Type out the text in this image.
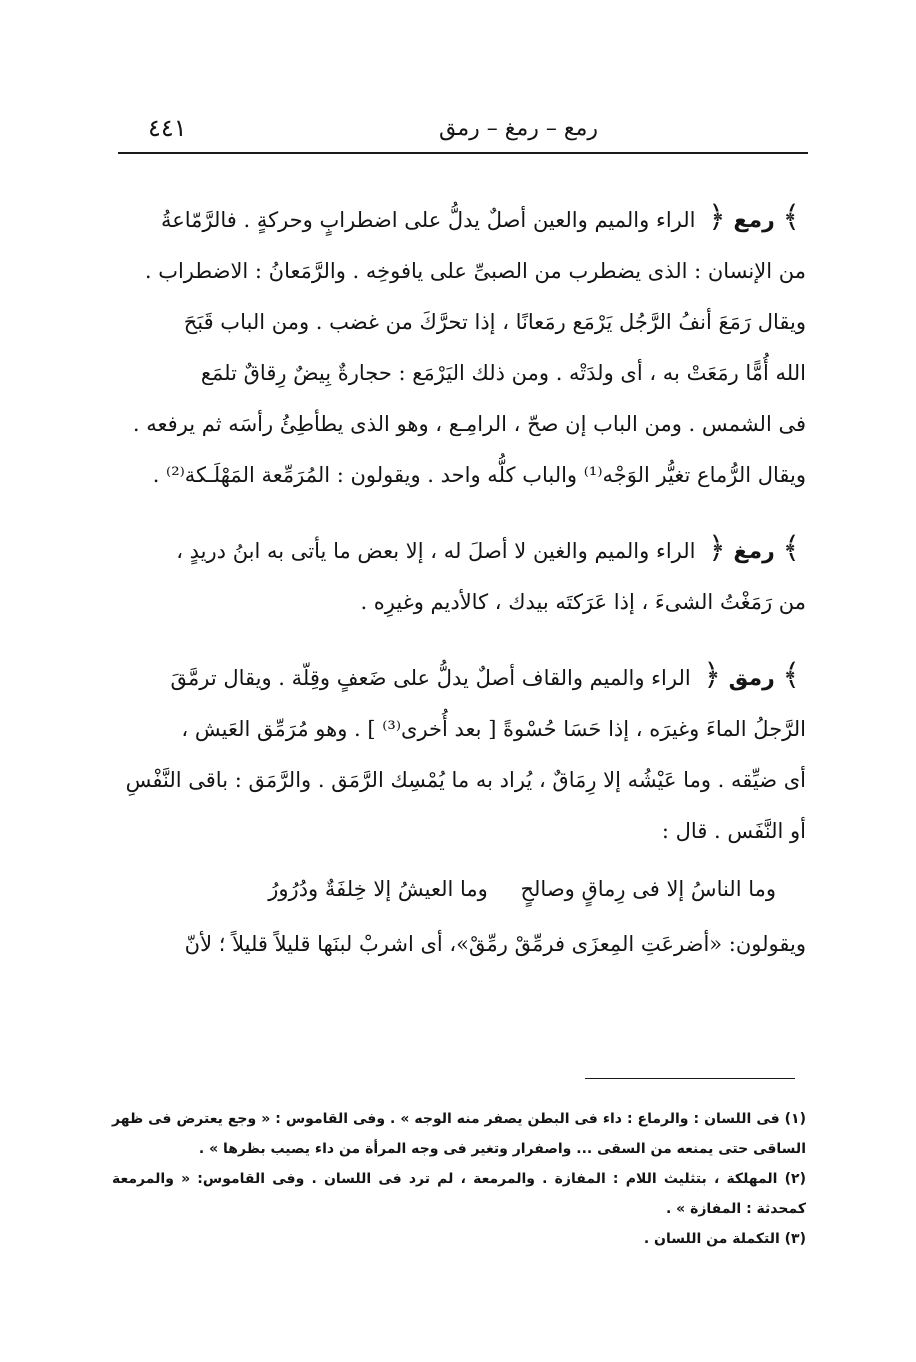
رمع – رمغ – رمق
٤٤١

﴾ رمع ﴿ الراء والميم والعين أصلٌ يدلُّ على اضطرابٍ وحركةٍ . فالرَّمّاعةُ

من الإنسان : الذى يضطرب من الصبىِّ على يافوخِه . والرَّمَعانُ : الاضطراب .

ويقال رَمَعَ أنفُ الرَّجُل يَرْمَع رمَعانًا ، إذا تحرَّكَ من غضب . ومن الباب قَبَحَ

الله أُمًّا رمَعَتْ به ، أى ولدَتْه . ومن ذلك اليَرْمَع : حجارةٌ بِيضٌ رِقاقٌ تلمَع

فى الشمس . ومن الباب إن صحّ ، الرامِـع ، وهو الذى يطأطِئُ رأسَه ثم يرفعه .

ويقال الرُّماع تغيُّر الوَجْه⁽¹⁾ والباب كلُّه واحد . ويقولون : المُرَمِّعة المَهْلَـكة⁽²⁾ .

﴾ رمغ ﴿ الراء والميم والغين لا أصلَ له ، إلا بعض ما يأتى به ابنُ دريدٍ ،

من رَمَغْتُ الشىءَ ، إذا عَرَكتَه بيدك ، كالأديم وغيرِه .

﴾ رمق ﴿ الراء والميم والقاف أصلٌ يدلُّ على ضَعفٍ وقِلّة . ويقال ترمَّقَ

الرَّجلُ الماءَ وغيرَه ، إذا حَسَا حُسْوةً [ بعد أُخرى⁽³⁾ ] . وهو مُرَمِّق العَيش ،

أى ضيِّقه . وما عَيْشُه إلا رِمَاقٌ ، يُراد به ما يُمْسِك الرَّمَق . والرَّمَق : باقى النَّفْسِ

أو النَّفَس . قال :

وما الناسُ إلا فى رِماقٍ وصالحٍ وما العيشُ إلا خِلفَةٌ ودُرُورُ

ويقولون: «أضرعَتِ المِعزَى فرمِّقْ رمِّقْ»، أى اشربْ لبنَها قليلاً قليلاً ؛ لأنّ

(١) فى اللسان : والرماع : داء فى البطن يصفر منه الوجه » . وفى القاموس : « وجع يعترض فى ظهر الساقى حتى يمنعه من السقى ... واصفرار وتغير فى وجه المرأة من داء يصيب بظرها » .
(٢) المهلكة ، بتثليث اللام : المفازة . والمرمعة ، لم ترد فى اللسان . وفى القاموس: « والمرمعة كمحدثة : المفازة » .
(٣) التكملة من اللسان .
